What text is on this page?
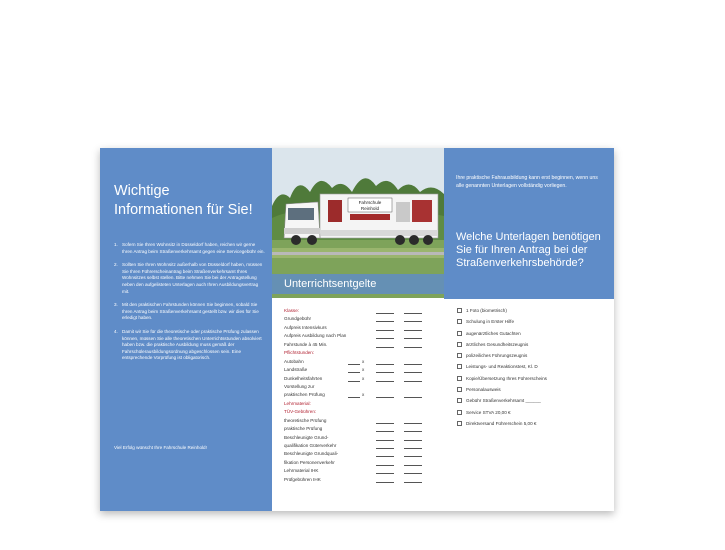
Wichtige
Informationen für Sie!
1. Sofern Sie Ihren Wohnsitz in Düsseldorf haben, reichen wir gerne Ihren Antrag beim Straßenverkehrsamt gegen eine Servicegebühr ein.
2. Sollten Sie Ihren Wohnsitz außerhalb von Düsseldorf haben, müssen Sie Ihren Führerscheinantrag beim Straßenverkehrsamt Ihres Wohnsitzes selbst stellen. Bitte nehmen Sie bei der Antragstellung neben den aufgelisteten Unterlagen auch Ihren Ausbildungsvertrag mit.
3. Mit den praktischen Fahrstunden können Sie beginnen, sobald Sie Ihren Antrag beim Straßenverkehrsamt gestellt bzw. wir dies für Sie erledigt haben.
4. Damit wir Sie für die theoretische oder praktische Prüfung zulassen können, müssen Sie alle theoretischen Unterrichtsstunden absolviert haben bzw. die praktische Ausbildung muss gemäß der Fahrschülerausbildungsordnung abgeschlossen sein. Eine entsprechende Vorprüfung ist obligatorisch.
Viel Erfolg wünscht Ihre Fahrschule Reinhold!
Fahrschule
Reinhold
Unterrichtsentgelte
Klasse:
Grundgebühr
Aufpreis Intensivkurs
Aufpreis Ausbildung nach Plan
Fahrstunde à 45 Min.
Pflichtstunden:
Autobahn	x
Landstraße	x
Dunkelheitsfahrten	x
Vorstellung zur
praktischen Prüfung	x
Lehrmaterial:
TÜV-Gebühren:
theoretische Prüfung
praktische Prüfung
Beschleunigte Grund-
qualifikation Güterverkehr
Beschleunigte Grundquali-
fikation Personenverkehr
Lehrmaterial IHK
Prüfgebühren IHK
Ihre praktische Fahrausbildung kann erst beginnen, wenn uns alle genannten Unterlagen vollständig vorliegen.
Welche Unterlagen benötigen Sie für Ihren Antrag bei der Straßenverkehrsbehörde?
1 Foto (biometrisch)
Schulung in Erster Hilfe
augenärztliches Gutachten
ärztliches Gesundheitszeugnis
polizeiliches Führungszeugnis
Leistungs- und Reaktionstest, Kl. D
Kopie/Übersetzung Ihres Führerscheins
Personalausweis
Gebühr Straßenverkehrsamt ______
Service STVA 20,00 €
Direktversand Führerschein 5,00 €
